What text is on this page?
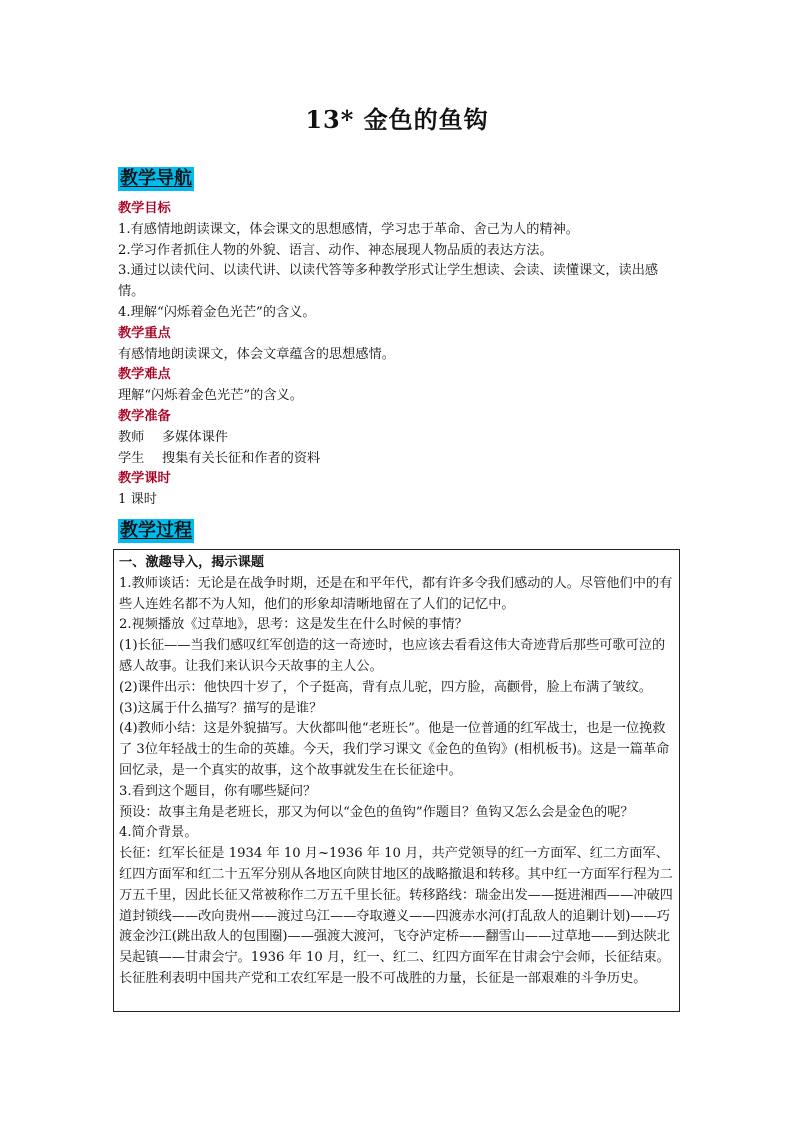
13* 金色的鱼钩
教学导航
教学目标
1.有感情地朗读课文，体会课文的思想感情，学习忠于革命、舍己为人的精神。
2.学习作者抓住人物的外貌、语言、动作、神态展现人物品质的表达方法。
3.通过以读代问、以读代讲、以读代答等多种教学形式让学生想读、会读、读懂课文，读出感情。
4.理解“闪烁着金色光芒”的含义。
教学重点
有感情地朗读课文，体会文章蕴含的思想感情。
教学难点
理解“闪烁着金色光芒”的含义。
教学准备
教师 多媒体课件
学生 搜集有关长征和作者的资料
教学课时
1 课时
教学过程

一、激趣导入，揭示课题

1.教师谈话：无论是在战争时期，还是在和平年代，都有许多令我们感动的人。尽管他们中的有些人连姓名都不为人知，他们的形象却清晰地留在了人们的记忆中。

2.视频播放《过草地》，思考：这是发生在什么时候的事情？

(1)长征——当我们感叹红军创造的这一奇迹时，也应该去看看这伟大奇迹背后那些可歌可泣的感人故事。让我们来认识今天故事的主人公。

(2)课件出示：他快四十岁了，个子挺高，背有点儿驼，四方脸，高颧骨，脸上布满了皱纹。

(3)这属于什么描写？描写的是谁？

(4)教师小结：这是外貌描写。大伙都叫他“老班长”。他是一位普通的红军战士，也是一位挽救了 3位年轻战士的生命的英雄。今天，我们学习课文《金色的鱼钩》(相机板书)。这是一篇革命回忆录，是一个真实的故事，这个故事就发生在长征途中。

3.看到这个题目，你有哪些疑问？

预设：故事主角是老班长，那又为何以“金色的鱼钩”作题目？鱼钩又怎么会是金色的呢？

4.简介背景。

长征：红军长征是 1934 年 10 月~1936 年 10 月，共产党领导的红一方面军、红二方面军、红四方面军和红二十五军分别从各地区向陕甘地区的战略撤退和转移。其中红一方面军行程为二万五千里，因此长征又常被称作二万五千里长征。转移路线：瑞金出发——挺进湘西——冲破四道封锁线——改向贵州——渡过乌江——夺取遵义——四渡赤水河(打乱敌人的追剿计划)——巧渡金沙江(跳出敌人的包围圈)——强渡大渡河，飞夺泸定桥——翻雪山——过草地——到达陕北吴起镇——甘肃会宁。1936 年 10 月，红一、红二、红四方面军在甘肃会宁会师，长征结束。

长征胜利表明中国共产党和工农红军是一股不可战胜的力量，长征是一部艰难的斗争历史。
